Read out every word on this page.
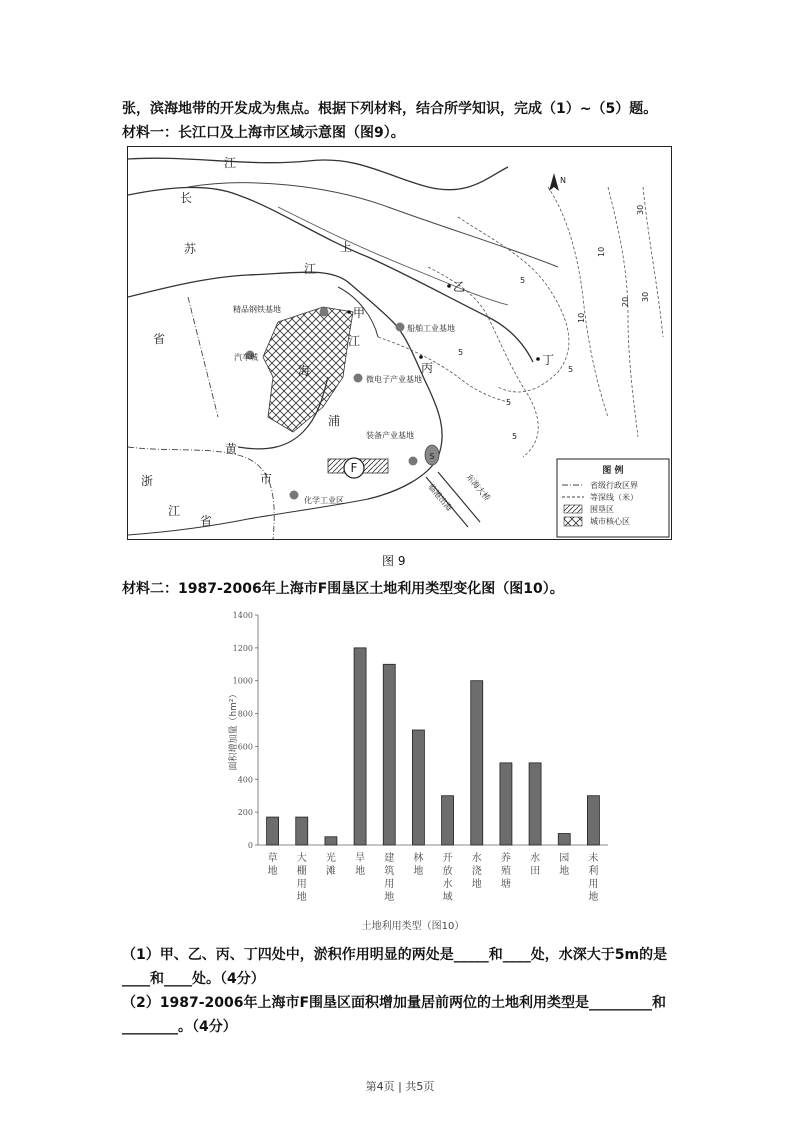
张，滨海地带的开发成为焦点。根据下列材料，结合所学知识，完成（1）~（5）题。
材料一：长江口及上海市区域示意图（图9）。
F
S
精品钢铁基地
汽车城
船舶工业基地
微电子产业基地
装备产业基地
化学工业区
甲
乙
丙
丁
江
苏
省
浙
江
省
长
江
上
海
市
黄
浦
江
5
5
5
5
5
10
10
20
30
30
N
东海大桥
临港出海
图 例
省级行政区界
等深线（米）
围垦区
城市核心区
图 9
材料二：1987-2006年上海市F围垦区土地利用类型变化图（图10）。
0
200
400
600
800
1000
1200
1400
草地
大棚用地
光滩
旱地
建筑用地
林地
开放水域
水浇地
养殖塘
水田
园地
未利用地
面积增加量（hm²）
土地利用类型（图10）
（1）甲、乙、丙、丁四处中，淤积作用明显的两处是_____和____处，水深大于5m的是
____和____处。（4分）
（2）1987-2006年上海市F围垦区面积增加量居前两位的土地利用类型是_________和
________。（4分）
第4页 | 共5页
